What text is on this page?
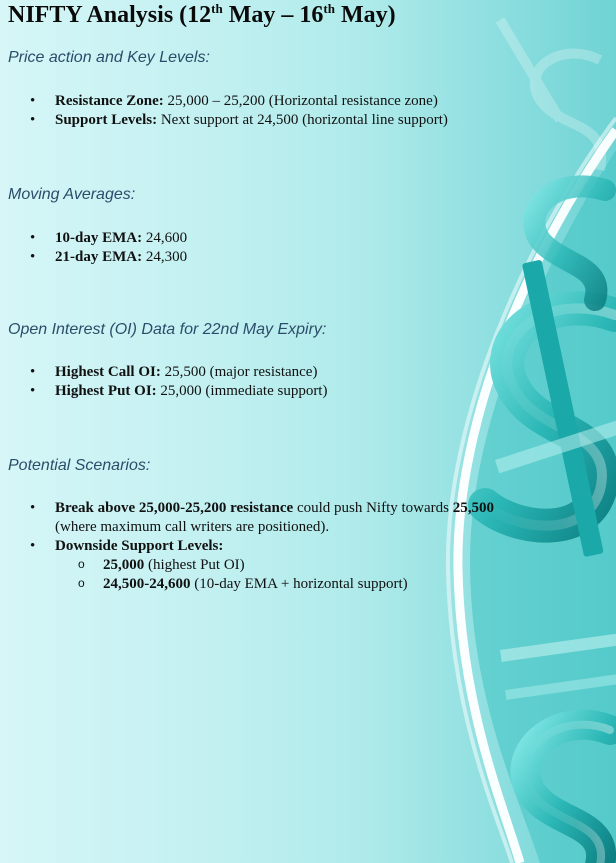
NIFTY Analysis (12th May – 16th May)
Price action and Key Levels:
• Resistance Zone: 25,000 – 25,200 (Horizontal resistance zone)
• Support Levels: Next support at 24,500 (horizontal line support)
Moving Averages:
• 10-day EMA: 24,600
• 21-day EMA: 24,300
Open Interest (OI) Data for 22nd May Expiry:
• Highest Call OI: 25,500 (major resistance)
• Highest Put OI: 25,000 (immediate support)
Potential Scenarios:
• Break above 25,000-25,200 resistance could push Nifty towards 25,500 (where maximum call writers are positioned).
• Downside Support Levels:
o 25,000 (highest Put OI)
o 24,500-24,600 (10-day EMA + horizontal support)
